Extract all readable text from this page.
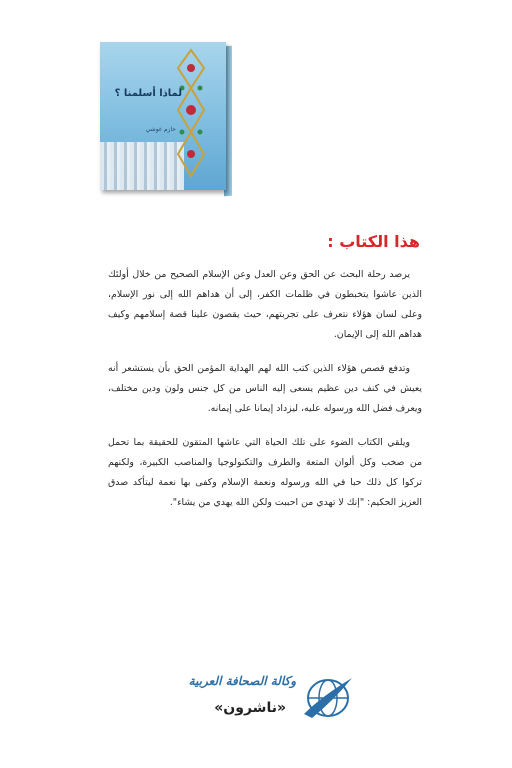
لماذا أسلمنا ؟
حازم غوشي
هذا الكتاب :

يرصد رحلة البحث عن الحق وعن العدل وعن الإسلام الصحيح من خلال أولئك الذين عاشوا يتخبطون في ظلمات الكفر، إلى أن هداهم الله إلى نور الإسلام، وعلى لسان هؤلاء نتعرف على تجربتهم، حيث يقصون علينا قصة إسلامهم وكيف هداهم الله إلى الإيمان.

وتدفع قصص هؤلاء الذين كتب الله لهم الهداية المؤمن الحق بأن يستشعر أنه يعيش في كنف دين عظيم يسعى إليه الناس من كل جنس ولون ودين مختلف، ويعرف فضل الله ورسوله عليه، ليزداد إيمانا على إيمانه.

ويلقي الكتاب الضوء على تلك الحياة التي عاشها المتقون للحقيقة بما تحمل من صخب وكل ألوان المتعة والطرف والتكنولوجيا والمناصب الكبيرة، ولكنهم تركوا كل ذلك حبا في الله ورسوله ونعمة الإسلام وكفى بها نعمة ليتأكد صدق العزيز الحكيم: "إنك لا تهدي من احببت ولكن الله يهدي من يشاء".

وكالة الصحافة العربية
«ناشرون»
